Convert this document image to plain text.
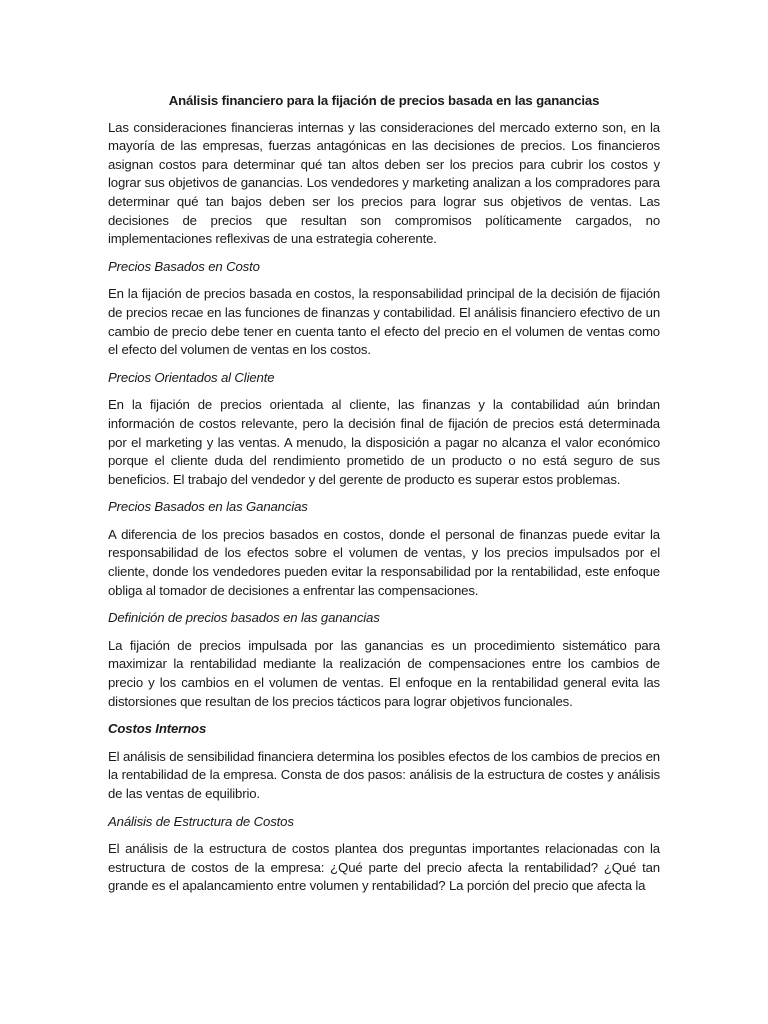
Análisis financiero para la fijación de precios basada en las ganancias

Las consideraciones financieras internas y las consideraciones del mercado externo son, en la mayoría de las empresas, fuerzas antagónicas en las decisiones de precios. Los financieros asignan costos para determinar qué tan altos deben ser los precios para cubrir los costos y lograr sus objetivos de ganancias. Los vendedores y marketing analizan a los compradores para determinar qué tan bajos deben ser los precios para lograr sus objetivos de ventas. Las decisiones de precios que resultan son compromisos políticamente cargados, no implementaciones reflexivas de una estrategia coherente.

Precios Basados en Costo

En la fijación de precios basada en costos, la responsabilidad principal de la decisión de fijación de precios recae en las funciones de finanzas y contabilidad. El análisis financiero efectivo de un cambio de precio debe tener en cuenta tanto el efecto del precio en el volumen de ventas como el efecto del volumen de ventas en los costos.

Precios Orientados al Cliente

En la fijación de precios orientada al cliente, las finanzas y la contabilidad aún brindan información de costos relevante, pero la decisión final de fijación de precios está determinada por el marketing y las ventas. A menudo, la disposición a pagar no alcanza el valor económico porque el cliente duda del rendimiento prometido de un producto o no está seguro de sus beneficios. El trabajo del vendedor y del gerente de producto es superar estos problemas.

Precios Basados en las Ganancias

A diferencia de los precios basados en costos, donde el personal de finanzas puede evitar la responsabilidad de los efectos sobre el volumen de ventas, y los precios impulsados por el cliente, donde los vendedores pueden evitar la responsabilidad por la rentabilidad, este enfoque obliga al tomador de decisiones a enfrentar las compensaciones.

Definición de precios basados en las ganancias

La fijación de precios impulsada por las ganancias es un procedimiento sistemático para maximizar la rentabilidad mediante la realización de compensaciones entre los cambios de precio y los cambios en el volumen de ventas. El enfoque en la rentabilidad general evita las distorsiones que resultan de los precios tácticos para lograr objetivos funcionales.

Costos Internos

El análisis de sensibilidad financiera determina los posibles efectos de los cambios de precios en la rentabilidad de la empresa. Consta de dos pasos: análisis de la estructura de costes y análisis de las ventas de equilibrio.

Análisis de Estructura de Costos

El análisis de la estructura de costos plantea dos preguntas importantes relacionadas con la estructura de costos de la empresa: ¿Qué parte del precio afecta la rentabilidad? ¿Qué tan grande es el apalancamiento entre volumen y rentabilidad? La porción del precio que afecta la
